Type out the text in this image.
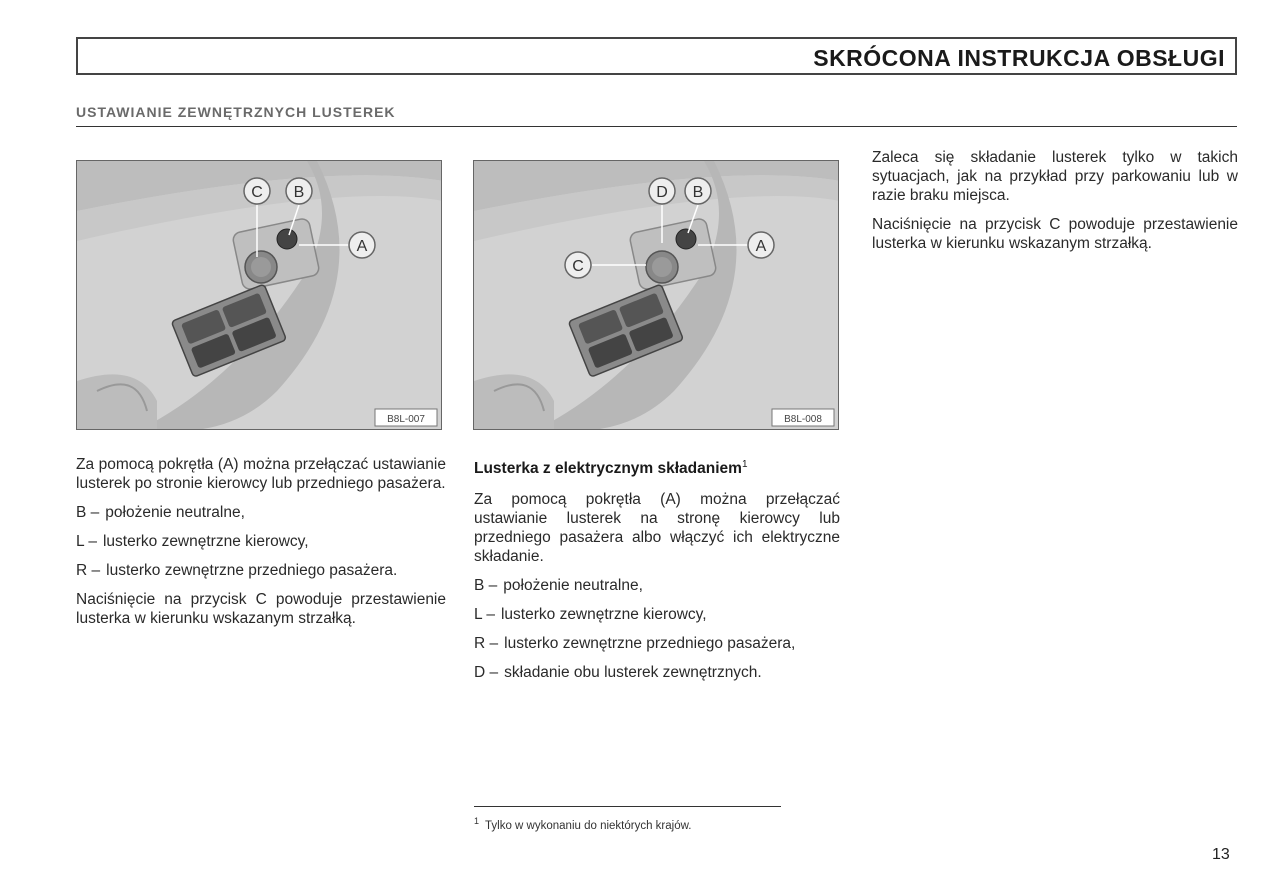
SKRÓCONA INSTRUKCJA OBSŁUGI
USTAWIANIE ZEWNĘTRZNYCH LUSTEREK
C B
A
B8L-007
D B
A
C
B8L-008

Za pomocą pokrętła (A) można przełączać ustawianie lusterek po stronie kierowcy lub przedniego pasażera.

B – położenie neutralne,
L – lusterko zewnętrzne kierowcy,
R – lusterko zewnętrzne przedniego pasażera.

Naciśnięcie na przycisk C powoduje przestawienie lusterka w kierunku wskazanym strzałką.

Lusterka z elektrycznym składaniem$^1$

Za pomocą pokrętła (A) można przełączać ustawianie lusterek na stronę kierowcy lub przedniego pasażera albo włączyć ich elektryczne składanie.

B – położenie neutralne,
L – lusterko zewnętrzne kierowcy,
R – lusterko zewnętrzne przedniego pasażera,
D – składanie obu lusterek zewnętrznych.

Zaleca się składanie lusterek tylko w takich sytuacjach, jak na przykład przy parkowaniu lub w razie braku miejsca.

Naciśnięcie na przycisk C powoduje przestawienie lusterka w kierunku wskazanym strzałką.

$^1$ Tylko w wykonaniu do niektórych krajów.
13
